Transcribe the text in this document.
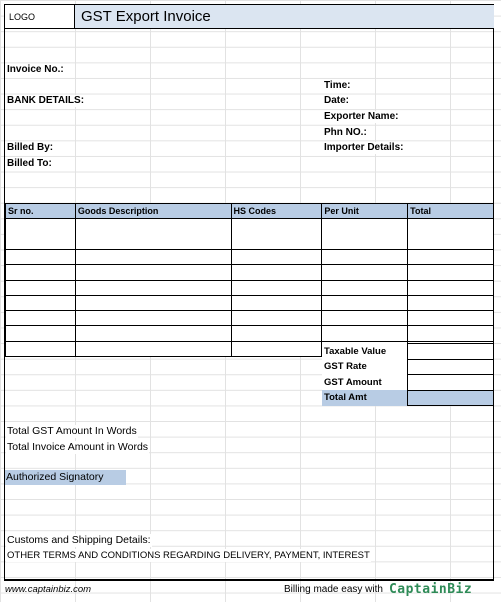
LOGO	GST Export Invoice
Invoice No.:
BANK DETAILS:
Billed By:
Billed To:
Time:
Date:
Exporter Name:
Phn NO.:
Importer Details:
Sr no.	Goods Description	HS Codes	Per Unit	Total

Taxable Value	
GST Rate	
GST Amount	
Total Amt	
Total GST Amount In Words
Total Invoice Amount in Words
Authorized Signatory
Customs and Shipping Details:
OTHER TERMS AND CONDITIONS REGARDING DELIVERY, PAYMENT, INTEREST
www.captainbiz.com	Billing made easy with CaptainBiz
